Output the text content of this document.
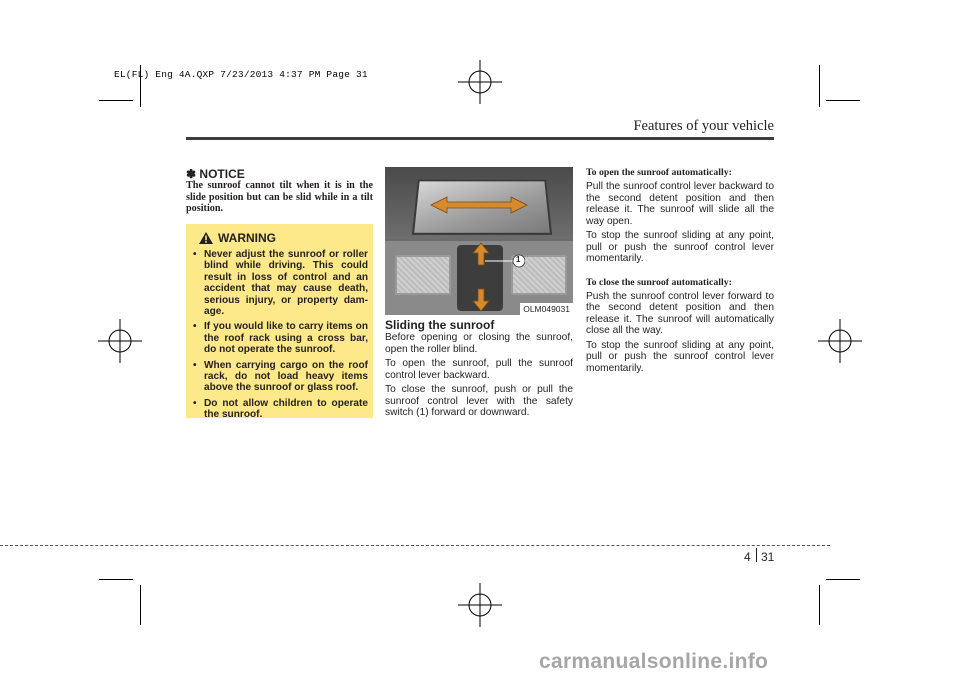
EL(FL) Eng 4A.QXP 7/23/2013 4:37 PM Page 31
Features of your vehicle
✽ NOTICE
The sunroof cannot tilt when it is in the slide position but can be slid while in a tilt position.
WARNING
• Never adjust the sunroof or roller blind while driving. This could result in loss of control and an accident that may cause death, serious injury, or property dam-age.
• If you would like to carry items on the roof rack using a cross bar, do not operate the sunroof.
• When carrying cargo on the roof rack, do not load heavy items above the sunroof or glass roof.
• Do not allow children to operate the sunroof.
1
OLM049031
Sliding the sunroof

Before opening or closing the sunroof, open the roller blind.

To open the sunroof, pull the sunroof control lever backward.

To close the sunroof, push or pull the sunroof control lever with the safety switch (1) forward or downward.

To open the sunroof automatically:

Pull the sunroof control lever backward to the second detent position and then release it. The sunroof will slide all the way open.

To stop the sunroof sliding at any point, pull or push the sunroof control lever momentarily.

To close the sunroof automatically:

Push the sunroof control lever forward to the second detent position and then release it. The sunroof will automatically close all the way.

To stop the sunroof sliding at any point, pull or push the sunroof control lever momentarily.

4 31
carmanualsonline.info
